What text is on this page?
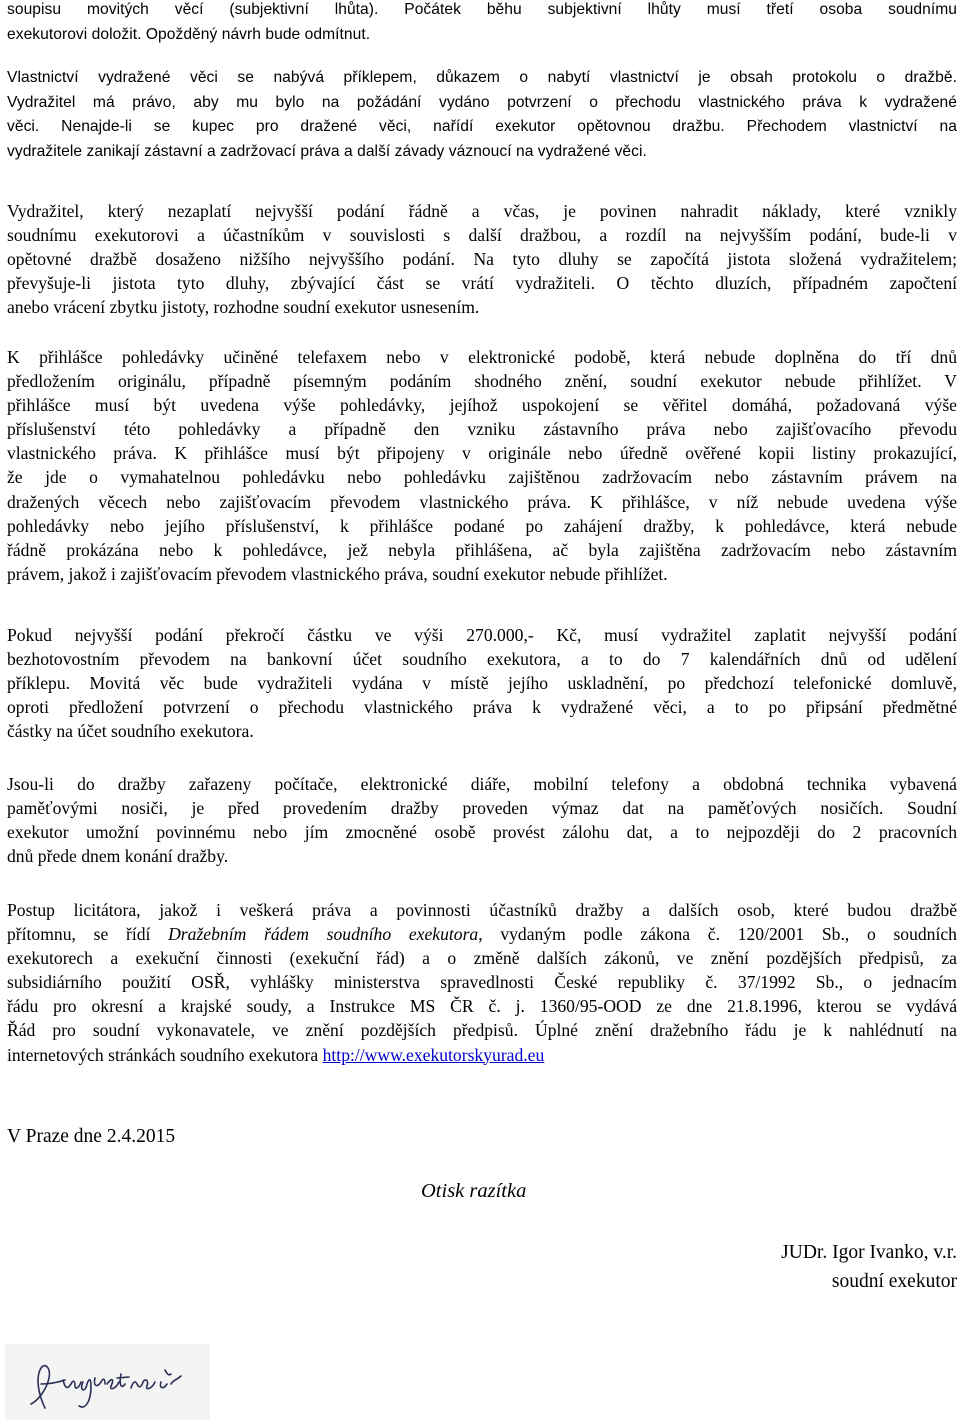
soupisu movitých věcí (subjektivní lhůta). Počátek běhu subjektivní lhůty musí třetí osoba soudnímu
exekutorovi doložit. Opožděný návrh bude odmítnut.
Vlastnictví vydražené věci se nabývá příklepem, důkazem o nabytí vlastnictví je obsah protokolu o dražbě.
Vydražitel má právo, aby mu bylo na požádání vydáno potvrzení o přechodu vlastnického práva k vydražené
věci. Nenajde-li se kupec pro dražené věci, nařídí exekutor opětovnou dražbu. Přechodem vlastnictví na
vydražitele zanikají zástavní a zadržovací práva a další závady váznoucí na vydražené věci.
Vydražitel, který nezaplatí nejvyšší podání řádně a včas, je povinen nahradit náklady, které vznikly
soudnímu exekutorovi a účastníkům v souvislosti s další dražbou, a rozdíl na nejvyšším podání, bude-li v
opětovné dražbě dosaženo nižšího nejvyššího podání. Na tyto dluhy se započítá jistota složená vydražitelem;
převyšuje-li jistota tyto dluhy, zbývající část se vrátí vydražiteli. O těchto dluzích, případném započtení
anebo vrácení zbytku jistoty, rozhodne soudní exekutor usnesením.
K přihlášce pohledávky učiněné telefaxem nebo v elektronické podobě, která nebude doplněna do tří dnů
předložením originálu, případně písemným podáním shodného znění, soudní exekutor nebude přihlížet. V
přihlášce musí být uvedena výše pohledávky, jejíhož uspokojení se věřitel domáhá, požadovaná výše
příslušenství této pohledávky a případně den vzniku zástavního práva nebo zajišťovacího převodu
vlastnického práva. K přihlášce musí být připojeny v originále nebo úředně ověřené kopii listiny prokazující,
že jde o vymahatelnou pohledávku nebo pohledávku zajištěnou zadržovacím nebo zástavním právem na
dražených věcech nebo zajišťovacím převodem vlastnického práva. K přihlášce, v níž nebude uvedena výše
pohledávky nebo jejího příslušenství, k přihlášce podané po zahájení dražby, k pohledávce, která nebude
řádně prokázána nebo k pohledávce, jež nebyla přihlášena, ač byla zajištěna zadržovacím nebo zástavním
právem, jakož i zajišťovacím převodem vlastnického práva, soudní exekutor nebude přihlížet.
Pokud nejvyšší podání překročí částku ve výši 270.000,- Kč, musí vydražitel zaplatit nejvyšší podání
bezhotovostním převodem na bankovní účet soudního exekutora, a to do 7 kalendářních dnů od udělení
příklepu. Movitá věc bude vydražiteli vydána v místě jejího uskladnění, po předchozí telefonické domluvě,
oproti předložení potvrzení o přechodu vlastnického práva k vydražené věci, a to po připsání předmětné
částky na účet soudního exekutora.
Jsou-li do dražby zařazeny počítače, elektronické diáře, mobilní telefony a obdobná technika vybavená
paměťovými nosiči, je před provedením dražby proveden výmaz dat na paměťových nosičích. Soudní
exekutor umožní povinnému nebo jím zmocněné osobě provést zálohu dat, a to nejpozději do 2 pracovních
dnů přede dnem konání dražby.
Postup licitátora, jakož i veškerá práva a povinnosti účastníků dražby a dalších osob, které budou dražbě
přítomnu, se řídí Dražebním řádem soudního exekutora, vydaným podle zákona č. 120/2001 Sb., o soudních
exekutorech a exekuční činnosti (exekuční řád) a o změně dalších zákonů, ve znění pozdějších předpisů, za
subsidiárního použití OSŘ, vyhlášky ministerstva spravedlnosti České republiky č. 37/1992 Sb., o jednacím
řádu pro okresní a krajské soudy, a Instrukce MS ČR č. j. 1360/95-OOD ze dne 21.8.1996, kterou se vydává
Řád pro soudní vykonavatele, ve znění pozdějších předpisů. Úplné znění dražebního řádu je k nahlédnutí na
internetových stránkách soudního exekutora http://www.exekutorskyurad.eu
V Praze dne 2.4.2015
Otisk razítka
JUDr. Igor Ivanko, v.r.
soudní exekutor
